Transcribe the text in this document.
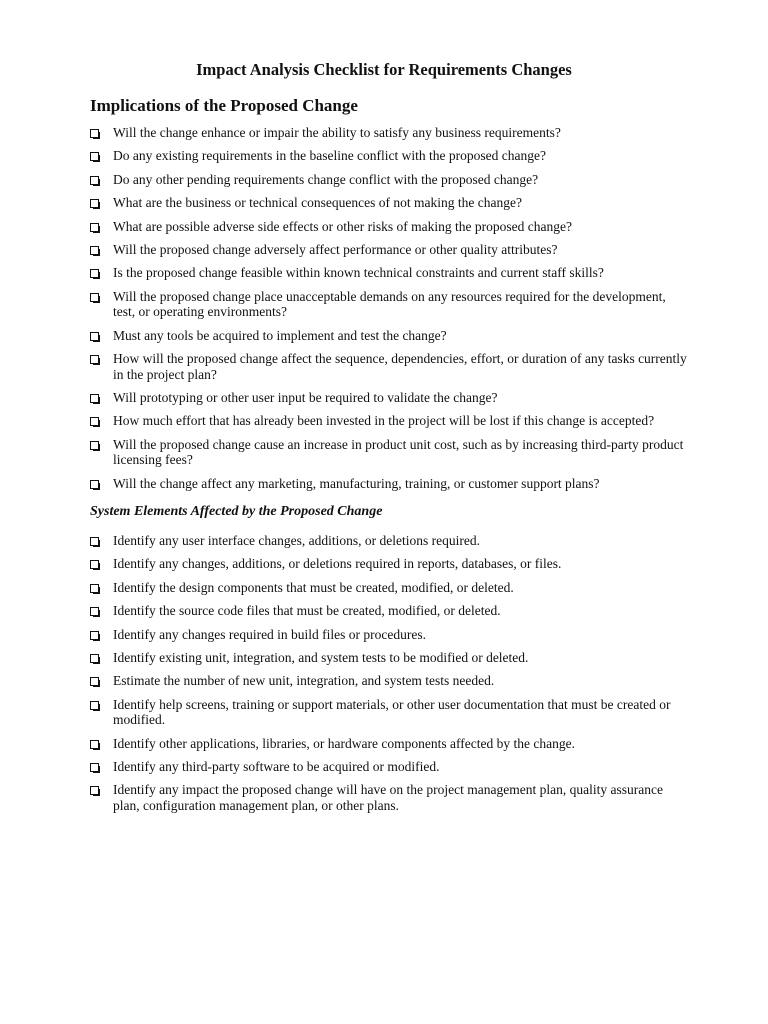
Impact Analysis Checklist for Requirements Changes
Implications of the Proposed Change
Will the change enhance or impair the ability to satisfy any business requirements?
Do any existing requirements in the baseline conflict with the proposed change?
Do any other pending requirements change conflict with the proposed change?
What are the business or technical consequences of not making the change?
What are possible adverse side effects or other risks of making the proposed change?
Will the proposed change adversely affect performance or other quality attributes?
Is the proposed change feasible within known technical constraints and current staff skills?
Will the proposed change place unacceptable demands on any resources required for the development, test, or operating environments?
Must any tools be acquired to implement and test the change?
How will the proposed change affect the sequence, dependencies, effort, or duration of any tasks currently in the project plan?
Will prototyping or other user input be required to validate the change?
How much effort that has already been invested in the project will be lost if this change is accepted?
Will the proposed change cause an increase in product unit cost, such as by increasing third-party product licensing fees?
Will the change affect any marketing, manufacturing, training, or customer support plans?
System Elements Affected by the Proposed Change
Identify any user interface changes, additions, or deletions required.
Identify any changes, additions, or deletions required in reports, databases, or files.
Identify the design components that must be created, modified, or deleted.
Identify the source code files that must be created, modified, or deleted.
Identify any changes required in build files or procedures.
Identify existing unit, integration, and system tests to be modified or deleted.
Estimate the number of new unit, integration, and system tests needed.
Identify help screens, training or support materials, or other user documentation that must be created or modified.
Identify other applications, libraries, or hardware components affected by the change.
Identify any third-party software to be acquired or modified.
Identify any impact the proposed change will have on the project management plan, quality assurance plan, configuration management plan, or other plans.
